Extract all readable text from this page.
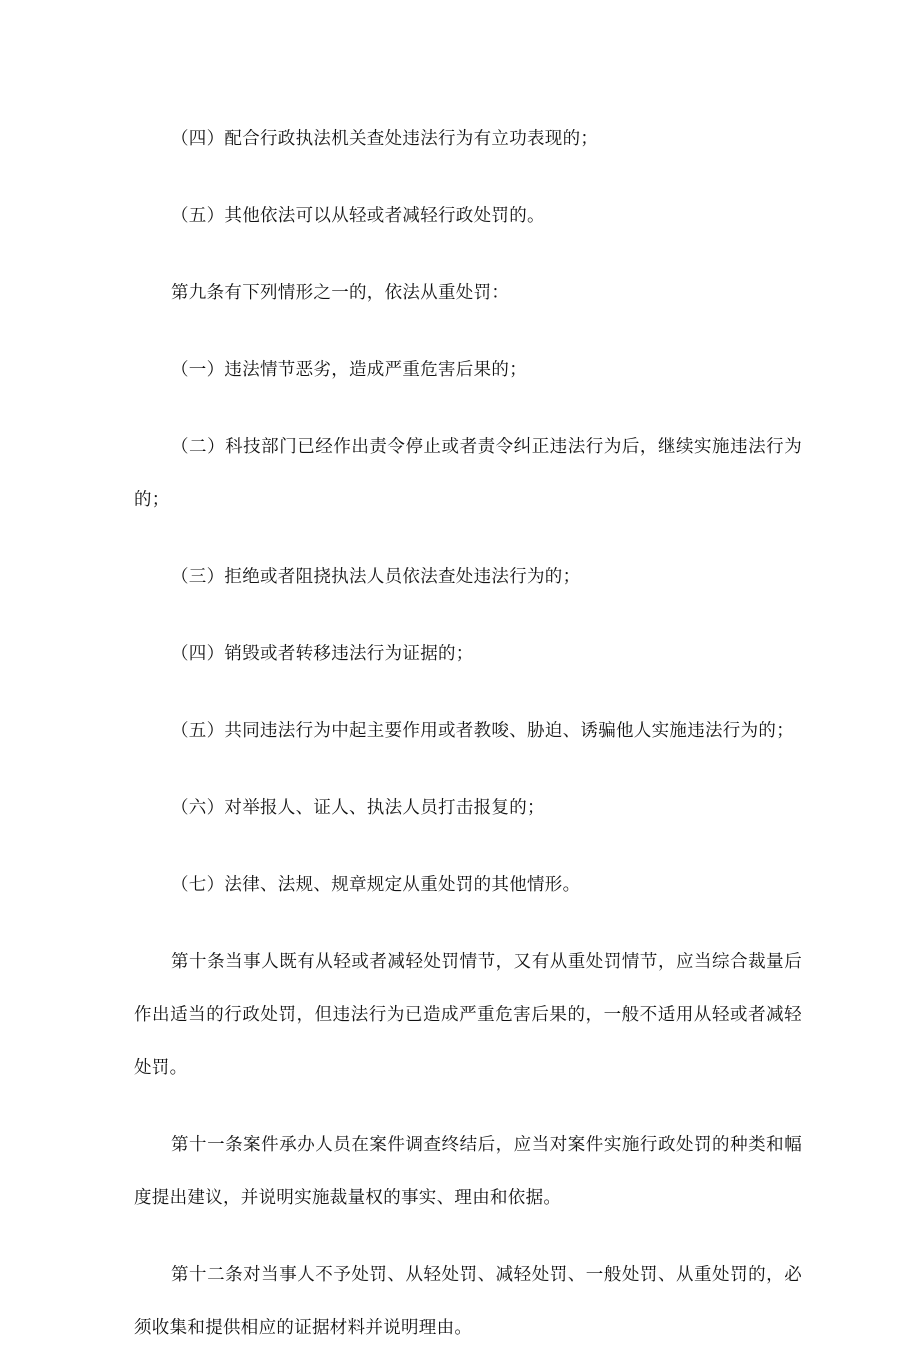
（四）配合行政执法机关查处违法行为有立功表现的；

（五）其他依法可以从轻或者减轻行政处罚的。

第九条有下列情形之一的，依法从重处罚：

（一）违法情节恶劣，造成严重危害后果的；

（二）科技部门已经作出责令停止或者责令纠正违法行为后，继续实施违法行为的；

（三）拒绝或者阻挠执法人员依法查处违法行为的；

（四）销毁或者转移违法行为证据的；

（五）共同违法行为中起主要作用或者教唆、胁迫、诱骗他人实施违法行为的；

（六）对举报人、证人、执法人员打击报复的；

（七）法律、法规、规章规定从重处罚的其他情形。

第十条当事人既有从轻或者减轻处罚情节，又有从重处罚情节，应当综合裁量后作出适当的行政处罚，但违法行为已造成严重危害后果的，一般不适用从轻或者减轻处罚。

第十一条案件承办人员在案件调查终结后，应当对案件实施行政处罚的种类和幅度提出建议，并说明实施裁量权的事实、理由和依据。

第十二条对当事人不予处罚、从轻处罚、减轻处罚、一般处罚、从重处罚的，必须收集和提供相应的证据材料并说明理由。
